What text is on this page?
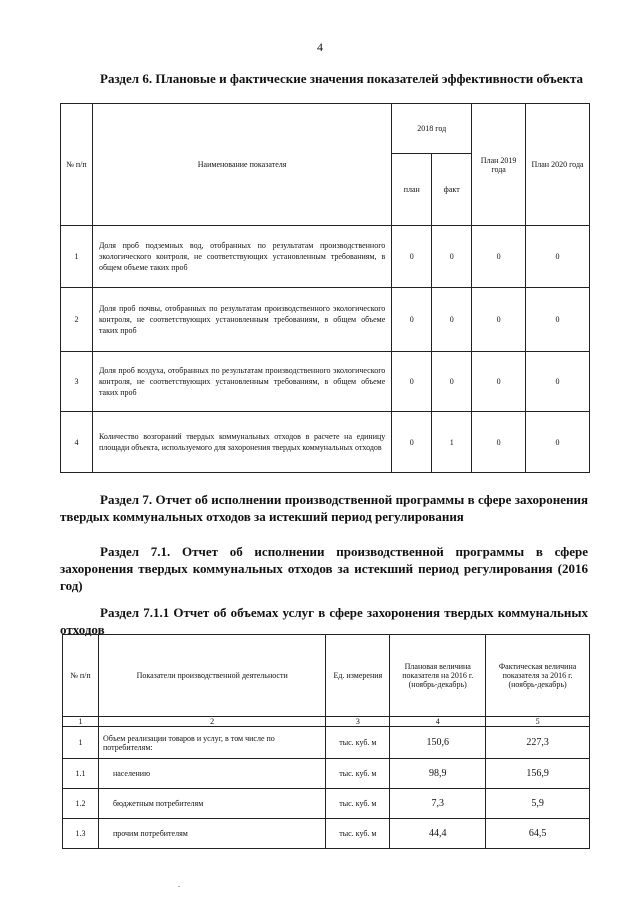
4
Раздел 6. Плановые и фактические значения показателей эффективности объекта
№ п/п	Наименование показателя	2018 год		План 2019 года	План 2020 года
		план	факт		
1	Доля проб подземных вод, отобранных по результатам производственного экологического контроля, не соответствующих установленным требованиям, в общем объеме таких проб	0	0	0	0
2	Доля проб почвы, отобранных по результатам производственного экологического контроля, не соответствующих установленным требованиям, в общем объеме таких проб	0	0	0	0
3	Доля проб воздуха, отобранных по результатам производственного экологического контроля, не соответствующих установленным требованиям, в общем объеме таких проб	0	0	0	0
4	Количество возгораний твердых коммунальных отходов в расчете на единицу площади объекта, используемого для захоронения твердых коммунальных отходов	0	1	0	0
Раздел 7. Отчет об исполнении производственной программы в сфере захоронения твердых коммунальных отходов за истекший период регулирования
Раздел 7.1. Отчет об исполнении производственной программы в сфере захоронения твердых коммунальных отходов за истекший период регулирования (2016 год)
Раздел 7.1.1 Отчет об объемах услуг в сфере захоронения твердых коммунальных отходов
№ п/п	Показатели производственной деятельности	Ед. измерения	Плановая величина показателя на 2016 г. (ноябрь-декабрь)	Фактическая величина показателя за 2016 г. (ноябрь-декабрь)
1	2	3	4	5
1	Объем реализации товаров и услуг, в том числе по потребителям:	тыс. куб. м	150,6	227,3
1.1	населению	тыс. куб. м	98,9	156,9
1.2	бюджетным потребителям	тыс. куб. м	7,3	5,9
1.3	прочим потребителям	тыс. куб. м	44,4	64,5
.
